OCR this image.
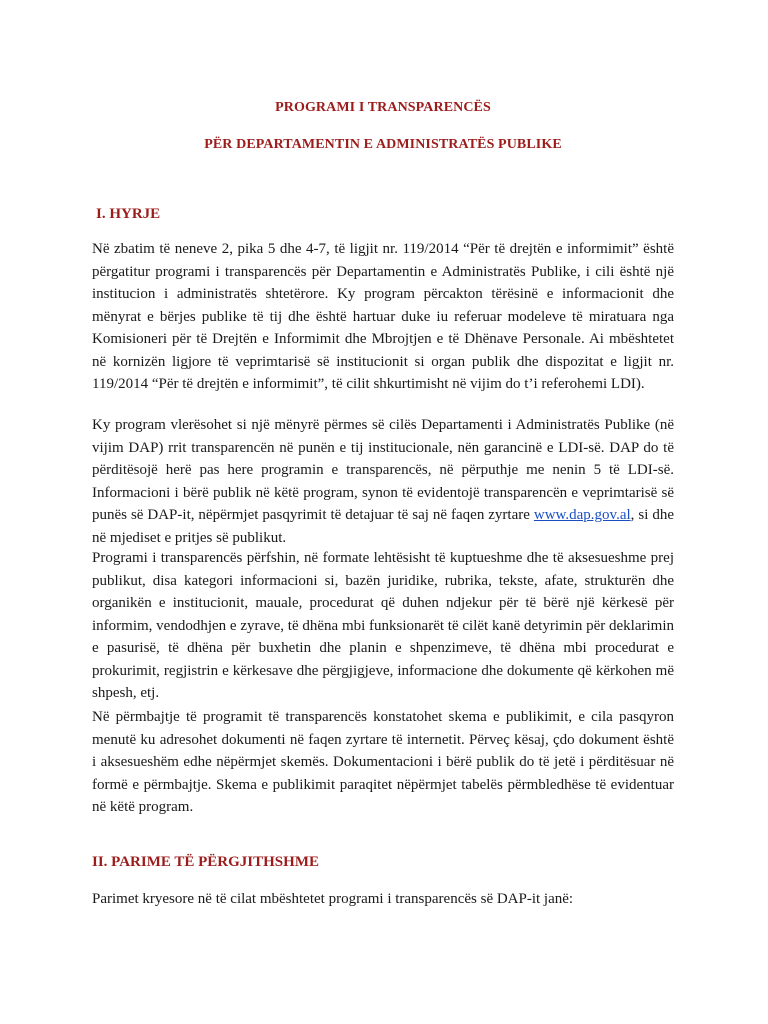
PROGRAMI I TRANSPARENCËS
PËR DEPARTAMENTIN E ADMINISTRATËS PUBLIKE
I. HYRJE

Në zbatim të neneve 2, pika 5 dhe 4-7, të ligjit nr. 119/2014 “Për të drejtën e informimit” është përgatitur programi i transparencës për Departamentin e Administratës Publike, i cili është një institucion i administratës shtetërore. Ky program përcakton tërësinë e informacionit dhe mënyrat e bërjes publike të tij dhe është hartuar duke iu referuar modeleve të miratuara nga Komisioneri për të Drejtën e Informimit dhe Mbrojtjen e të Dhënave Personale. Ai mbështetet në kornizën ligjore të veprimtarisë së institucionit si organ publik dhe dispozitat e ligjit nr. 119/2014 “Për të drejtën e informimit”, të cilit shkurtimisht në vijim do t’i referohemi LDI).

Ky program vlerësohet si një mënyrë përmes së cilës Departamenti i Administratës Publike (në vijim DAP) rrit transparencën në punën e tij institucionale, nën garancinë e LDI-së. DAP do të përditësojë herë pas here programin e transparencës, në përputhje me nenin 5 të LDI-së. Informacioni i bërë publik në këtë program, synon të evidentojë transparencën e veprimtarisë së punës së DAP-it, nëpërmjet pasqyrimit të detajuar të saj në faqen zyrtare www.dap.gov.al, si dhe në mjediset e pritjes së publikut.

Programi i transparencës përfshin, në formate lehtësisht të kuptueshme dhe të aksesueshme prej publikut, disa kategori informacioni si, bazën juridike, rubrika, tekste, afate, strukturën dhe organikën e institucionit, mauale, procedurat që duhen ndjekur për të bërë një kërkesë për informim, vendodhjen e zyrave, të dhëna mbi funksionarët të cilët kanë detyrimin për deklarimin e pasurisë, të dhëna për buxhetin dhe planin e shpenzimeve, të dhëna mbi procedurat e prokurimit, regjistrin e kërkesave dhe përgjigjeve, informacione dhe dokumente që kërkohen më shpesh, etj.

Në përmbajtje të programit të transparencës konstatohet skema e publikimit, e cila pasqyron menutë ku adresohet dokumenti në faqen zyrtare të internetit. Përveç kësaj, çdo dokument është i aksesueshëm edhe nëpërmjet skemës. Dokumentacioni i bërë publik do të jetë i përditësuar në formë e përmbajtje. Skema e publikimit paraqitet nëpërmjet tabelës përmbledhëse të evidentuar në këtë program.

II. PARIME TË PËRGJITHSHME

Parimet kryesore në të cilat mbështetet programi i transparencës së DAP-it janë:
